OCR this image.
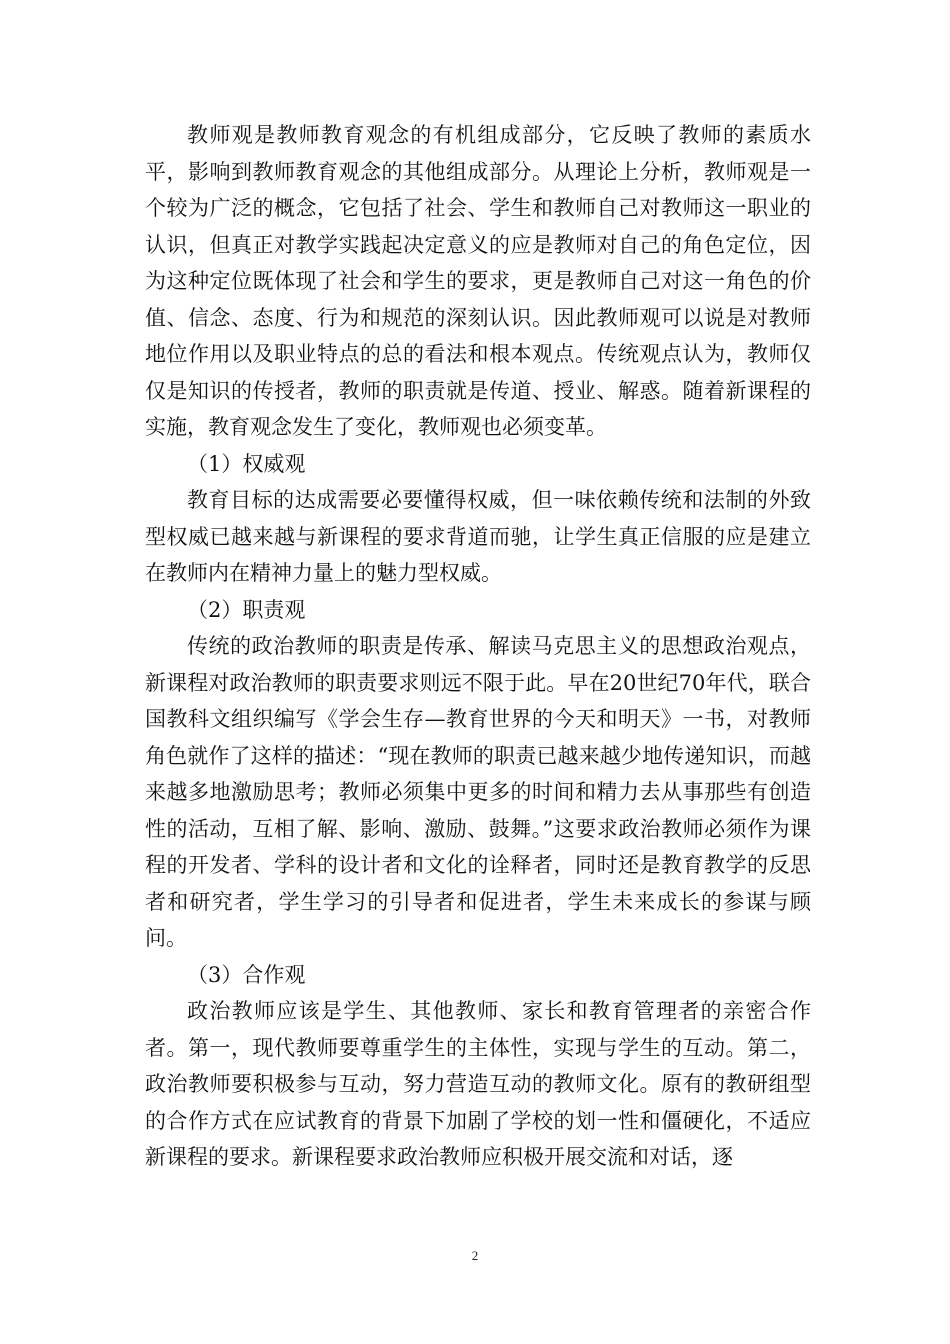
教师观是教师教育观念的有机组成部分，它反映了教师的素质水平，影响到教师教育观念的其他组成部分。从理论上分析，教师观是一个较为广泛的概念，它包括了社会、学生和教师自己对教师这一职业的认识，但真正对教学实践起决定意义的应是教师对自己的角色定位，因为这种定位既体现了社会和学生的要求，更是教师自己对这一角色的价值、信念、态度、行为和规范的深刻认识。因此教师观可以说是对教师地位作用以及职业特点的总的看法和根本观点。传统观点认为，教师仅仅是知识的传授者，教师的职责就是传道、授业、解惑。随着新课程的实施，教育观念发生了变化，教师观也必须变革。

（1）权威观

教育目标的达成需要必要懂得权威，但一味依赖传统和法制的外致型权威已越来越与新课程的要求背道而驰，让学生真正信服的应是建立在教师内在精神力量上的魅力型权威。

（2）职责观

传统的政治教师的职责是传承、解读马克思主义的思想政治观点，新课程对政治教师的职责要求则远不限于此。早在20世纪70年代，联合国教科文组织编写《学会生存—教育世界的今天和明天》一书，对教师角色就作了这样的描述：“现在教师的职责已越来越少地传递知识，而越来越多地激励思考；教师必须集中更多的时间和精力去从事那些有创造性的活动，互相了解、影响、激励、鼓舞。”这要求政治教师必须作为课程的开发者、学科的设计者和文化的诠释者，同时还是教育教学的反思者和研究者，学生学习的引导者和促进者，学生未来成长的参谋与顾问。

（3）合作观

政治教师应该是学生、其他教师、家长和教育管理者的亲密合作者。第一，现代教师要尊重学生的主体性，实现与学生的互动。第二，政治教师要积极参与互动，努力营造互动的教师文化。原有的教研组型的合作方式在应试教育的背景下加剧了学校的划一性和僵硬化，不适应新课程的要求。新课程要求政治教师应积极开展交流和对话，逐

2
